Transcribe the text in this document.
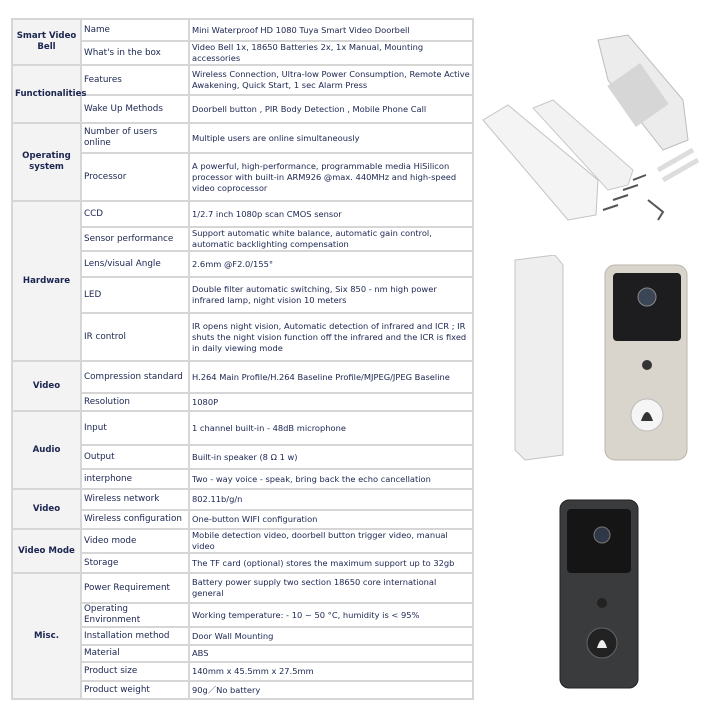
Smart Video Bell	Name	Mini Waterproof HD 1080 Tuya Smart Video Doorbell
	What's in the box	Video Bell 1x, 18650 Batteries 2x, 1x Manual, Mounting accessories
Functionalities	Features	Wireless Connection, Ultra-low Power Consumption, Remote Active Awakening, Quick Start, 1 sec Alarm Press
	Wake Up Methods	Doorbell button , PIR Body Detection , Mobile Phone Call
Operating system	Number of users online	Multiple users are online simultaneously
	Processor	A powerful, high-performance, programmable media HiSilicon processor with built-in ARM926 @max. 440MHz and high-speed video coprocessor
Hardware	CCD	1/2.7 inch 1080p scan CMOS sensor
	Sensor performance	Support automatic white balance, automatic gain control, automatic backlighting compensation
	Lens/visual Angle	2.6mm @F2.0/155°
	LED	Double filter automatic switching, Six 850 - nm high power infrared lamp, night vision 10 meters
	IR control	IR opens night vision, Automatic detection of infrared and ICR ; IR shuts the night vision function off the infrared and the ICR is fixed in daily viewing mode
Video	Compression standard	H.264 Main Profile/H.264 Baseline Profile/MJPEG/JPEG Baseline
	Resolution	1080P
Audio	Input	1 channel built-in - 48dB microphone
	Output	Built-in speaker (8 Ω 1 w)
	interphone	Two - way voice - speak, bring back the echo cancellation
Video	Wireless network	802.11b/g/n
	Wireless configuration	One-button WIFI configuration
Video Mode	Video mode	Mobile detection video, doorbell button trigger video, manual video
	Storage	The TF card (optional) stores the maximum support up to 32gb
Misc.	Power Requirement	Battery power supply two section 18650 core international general
	Operating Environment	Working temperature: - 10 ~ 50 °C, humidity is < 95%
	Installation method	Door Wall Mounting
	Material	ABS
	Product size	140mm x 45.5mm x 27.5mm
	Product weight	90g／No battery
